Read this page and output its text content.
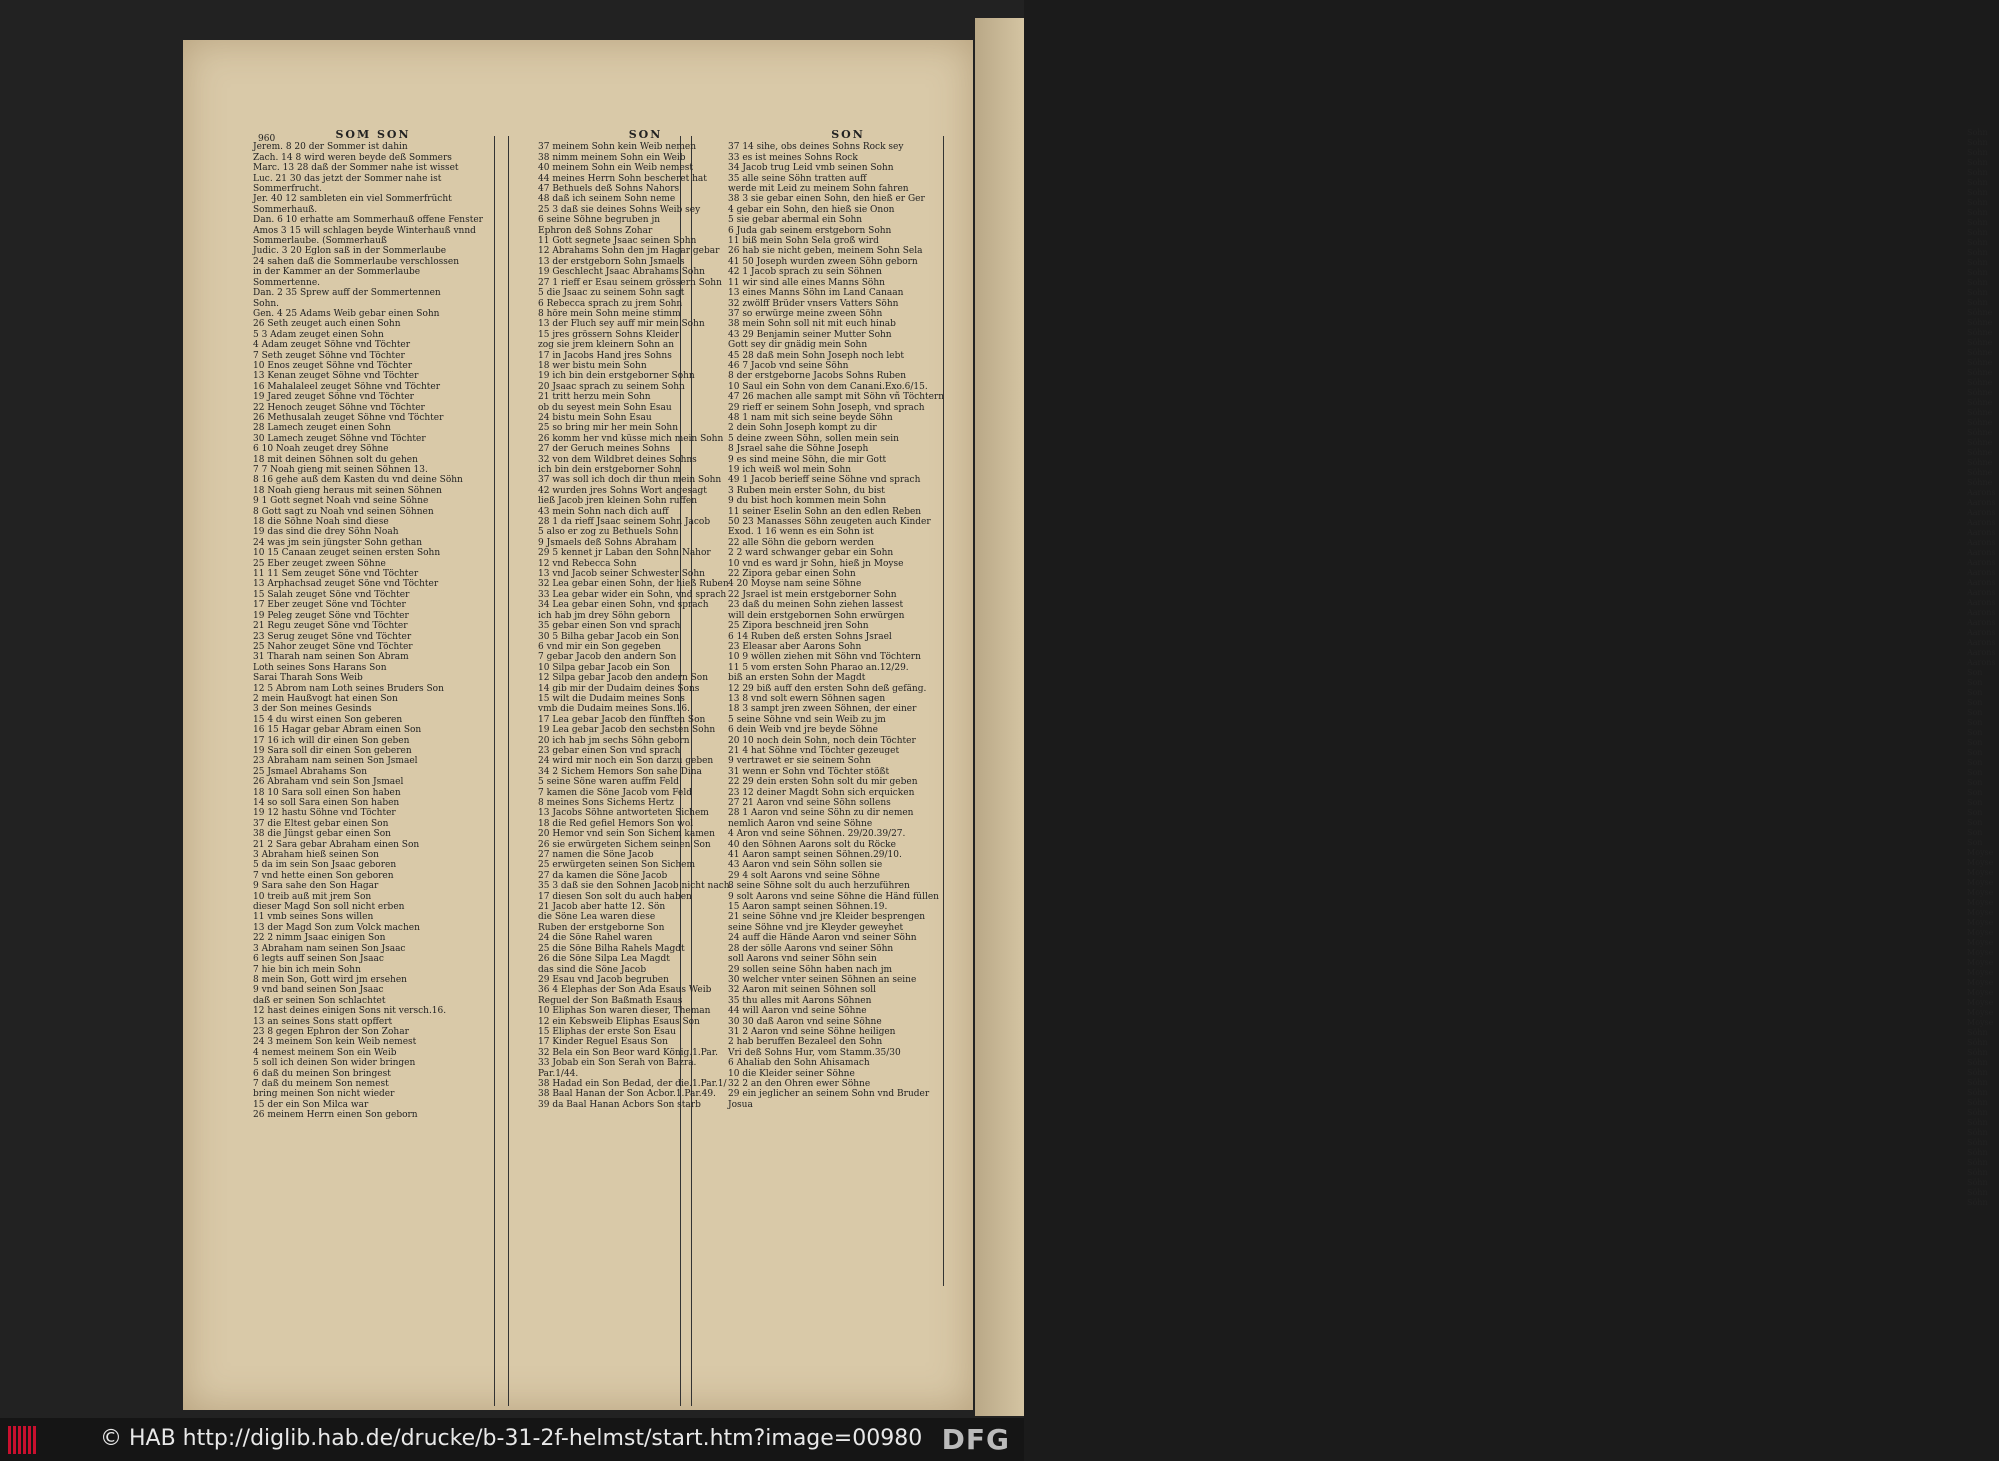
Sohn
Sohn
Sohn
Sohn
Sohn
Sohn
Sohn
Sohn
Sohn
Sohn
Sohn
Sohn
Sohn
Sohn
Sohn
Sohn
Sohn
Sohn
Söhne
Söhne
Söhne
Söhne
Söhne
Söhne
Söhne
Söhne
Söhne
Söhne
Söhne
Söhne
Söhne
Söhne
Söhne
Söhne
Söhne
Söhne
Aarons
Aarons
Aarons
Aarons
Aarons
Aarons
Aarons
Aarons
Aarons
Aarons
Aarons
Aarons
Aarons
Aarons
Aarons
Aarons
Aarons
Aarons
Son
Son
Son
Son
Son
Son
Son
Son
Son
Son
Son
Son
Son
Son
Son
Son
Son
Son
Moyse
Moyse
Moyse
Moyse
Moyse
Moyse
Moyse
Moyse
Moyse
Moyse
Moyse
Moyse
Moyse
Moyse
Moyse
Moyse
Moyse
Moyse
Söhn
Söhn
Söhn
Söhn
Söhn
Söhn
Söhn
Söhn
Söhn
Söhn
Söhn
Söhn
Söhn
Söhn
Söhn
Söhn
Söhn
Söhn
SOM SON
Jerem. 8 20 der Sommer ist dahin
Zach. 14 8 wird weren beyde deß Sommers
Marc. 13 28 daß der Sommer nahe ist wisset
Luc. 21 30 das jetzt der Sommer nahe ist
Sommerfrucht.
Jer. 40 12 sambleten ein viel Sommerfrücht
Sommerhauß.
Dan. 6 10 erhatte am Sommerhauß offene Fenster
Amos 3 15 will schlagen beyde Winterhauß vnnd
Sommerlaube. (Sommerhauß
Judic. 3 20 Eglon saß in der Sommerlaube
24 sahen daß die Sommerlaube verschlossen
in der Kammer an der Sommerlaube
Sommertenne.
Dan. 2 35 Sprew auff der Sommertennen
Sohn.
Gen. 4 25 Adams Weib gebar einen Sohn
26 Seth zeuget auch einen Sohn
5 3 Adam zeuget einen Sohn
4 Adam zeuget Söhne vnd Töchter
7 Seth zeuget Söhne vnd Töchter
10 Enos zeuget Söhne vnd Töchter
13 Kenan zeuget Söhne vnd Töchter
16 Mahalaleel zeuget Söhne vnd Töchter
19 Jared zeuget Söhne vnd Töchter
22 Henoch zeuget Söhne vnd Töchter
26 Methusalah zeuget Söhne vnd Töchter
28 Lamech zeuget einen Sohn
30 Lamech zeuget Söhne vnd Töchter
6 10 Noah zeuget drey Söhne
18 mit deinen Söhnen solt du gehen
7 7 Noah gieng mit seinen Söhnen 13.
8 16 gehe auß dem Kasten du vnd deine Söhn
18 Noah gieng heraus mit seinen Söhnen
9 1 Gott segnet Noah vnd seine Söhne
8 Gott sagt zu Noah vnd seinen Söhnen
18 die Söhne Noah sind diese
19 das sind die drey Söhn Noah
24 was jm sein jüngster Sohn gethan
10 15 Canaan zeuget seinen ersten Sohn
25 Eber zeuget zween Söhne
11 11 Sem zeuget Söne vnd Töchter
13 Arphachsad zeuget Söne vnd Töchter
15 Salah zeuget Söne vnd Töchter
17 Eber zeuget Söne vnd Töchter
19 Peleg zeuget Söne vnd Töchter
21 Regu zeuget Söne vnd Töchter
23 Serug zeuget Söne vnd Töchter
25 Nahor zeuget Söne vnd Töchter
31 Tharah nam seinen Son Abram
Loth seines Sons Harans Son
Sarai Tharah Sons Weib
12 5 Abrom nam Loth seines Bruders Son
2 mein Haußvogt hat einen Son
3 der Son meines Gesinds
15 4 du wirst einen Son geberen
16 15 Hagar gebar Abram einen Son
17 16 ich will dir einen Son geben
19 Sara soll dir einen Son geberen
23 Abraham nam seinen Son Jsmael
25 Jsmael Abrahams Son
26 Abraham vnd sein Son Jsmael
18 10 Sara soll einen Son haben
14 so soll Sara einen Son haben
19 12 hastu Söhne vnd Töchter
37 die Eltest gebar einen Son
38 die Jüngst gebar einen Son
21 2 Sara gebar Abraham einen Son
3 Abraham hieß seinen Son
5 da im sein Son Jsaac geboren
7 vnd hette einen Son geboren
9 Sara sahe den Son Hagar
10 treib auß mit jrem Son
dieser Magd Son soll nicht erben
11 vmb seines Sons willen
13 der Magd Son zum Volck machen
22 2 nimm Jsaac einigen Son
3 Abraham nam seinen Son Jsaac
6 legts auff seinen Son Jsaac
7 hie bin ich mein Sohn
8 mein Son, Gott wird jm ersehen
9 vnd band seinen Son Jsaac
daß er seinen Son schlachtet
12 hast deines einigen Sons nit versch.16.
13 an seines Sons statt opffert
23 8 gegen Ephron der Son Zohar
24 3 meinem Son kein Weib nemest
4 nemest meinem Son ein Weib
5 soll ich deinen Son wider bringen
6 daß du meinen Son bringest
7 daß du meinem Son nemest
bring meinen Son nicht wieder
15 der ein Son Milca war
26 meinem Herrn einen Son geborn
SON
37 meinem Sohn kein Weib nemen
38 nimm meinem Sohn ein Weib
40 meinem Sohn ein Weib nemest
44 meines Herrn Sohn bescheret hat
47 Bethuels deß Sohns Nahors
48 daß ich seinem Sohn neme
25 3 daß sie deines Sohns Weib sey
6 seine Söhne begruben jn
Ephron deß Sohns Zohar
11 Gott segnete Jsaac seinen Sohn
12 Abrahams Sohn den jm Hagar gebar
13 der erstgeborn Sohn Jsmaels
19 Geschlecht Jsaac Abrahams Sohn
27 1 rieff er Esau seinem grössern Sohn
5 die Jsaac zu seinem Sohn sagt
6 Rebecca sprach zu jrem Sohn
8 höre mein Sohn meine stimm
13 der Fluch sey auff mir mein Sohn
15 jres grössern Sohns Kleider
zog sie jrem kleinern Sohn an
17 in Jacobs Hand jres Sohns
18 wer bistu mein Sohn
19 ich bin dein erstgeborner Sohn
20 Jsaac sprach zu seinem Sohn
21 tritt herzu mein Sohn
ob du seyest mein Sohn Esau
24 bistu mein Sohn Esau
25 so bring mir her mein Sohn
26 komm her vnd küsse mich mein Sohn
27 der Geruch meines Sohns
32 von dem Wildbret deines Sohns
ich bin dein erstgeborner Sohn
37 was soll ich doch dir thun mein Sohn
42 wurden jres Sohns Wort angesagt
ließ Jacob jren kleinen Sohn ruffen
43 mein Sohn nach dich auff
28 1 da rieff Jsaac seinem Sohn Jacob
5 also er zog zu Bethuels Sohn
9 Jsmaels deß Sohns Abraham
29 5 kennet jr Laban den Sohn Nahor
12 vnd Rebecca Sohn
13 vnd Jacob seiner Schwester Sohn
32 Lea gebar einen Sohn, der hieß Ruben
33 Lea gebar wider ein Sohn, vnd sprach
34 Lea gebar einen Sohn, vnd sprach
ich hab jm drey Söhn geborn
35 gebar einen Son vnd sprach
30 5 Bilha gebar Jacob ein Son
6 vnd mir ein Son gegeben
7 gebar Jacob den andern Son
10 Silpa gebar Jacob ein Son
12 Silpa gebar Jacob den andern Son
14 gib mir der Dudaim deines Sons
15 wilt die Dudaim meines Sons
vmb die Dudaim meines Sons.16.
17 Lea gebar Jacob den fünfften Son
19 Lea gebar Jacob den sechsten Sohn
20 ich hab jm sechs Söhn geborn
23 gebar einen Son vnd sprach
24 wird mir noch ein Son darzu geben
34 2 Sichem Hemors Son sahe Dina
5 seine Söne waren auffm Feld
7 kamen die Söne Jacob vom Feld
8 meines Sons Sichems Hertz
13 Jacobs Söhne antworteten Sichem
18 die Red gefiel Hemors Son wol
20 Hemor vnd sein Son Sichem kamen
26 sie erwürgeten Sichem seinen Son
27 namen die Söne Jacob
25 erwürgeten seinen Son Sichem
27 da kamen die Söne Jacob
35 3 daß sie den Sohnen Jacob nicht nach.
17 diesen Son solt du auch haben
21 Jacob aber hatte 12. Sön
die Söne Lea waren diese
Ruben der erstgeborne Son
24 die Söne Rahel waren
25 die Söne Bilha Rahels Magdt
26 die Söne Silpa Lea Magdt
das sind die Söne Jacob
29 Esau vnd Jacob begruben
36 4 Elephas der Son Ada Esaus Weib
Reguel der Son Baßmath Esaus
10 Eliphas Son waren dieser, Theman
12 ein Kebsweib Eliphas Esaus Son
15 Eliphas der erste Son Esau
17 Kinder Reguel Esaus Son
32 Bela ein Son Beor ward König.1.Par.
33 Jobab ein Son Serah von Bazra.
Par.1/44.
38 Hadad ein Son Bedad, der die.1.Par.1/
38 Baal Hanan der Son Acbor.1.Par.49.
39 da Baal Hanan Acbors Son starb
SON
37 14 sihe, obs deines Sohns Rock sey
33 es ist meines Sohns Rock
34 Jacob trug Leid vmb seinen Sohn
35 alle seine Söhn tratten auff
werde mit Leid zu meinem Sohn fahren
38 3 sie gebar einen Sohn, den hieß er Ger
4 gebar ein Sohn, den hieß sie Onon
5 sie gebar abermal ein Sohn
6 Juda gab seinem erstgeborn Sohn
11 biß mein Sohn Sela groß wird
26 hab sie nicht geben, meinem Sohn Sela
41 50 Joseph wurden zween Söhn geborn
42 1 Jacob sprach zu sein Söhnen
11 wir sind alle eines Manns Söhn
13 eines Manns Söhn im Land Canaan
32 zwölff Brüder vnsers Vatters Söhn
37 so erwürge meine zween Söhn
38 mein Sohn soll nit mit euch hinab
43 29 Benjamin seiner Mutter Sohn
Gott sey dir gnädig mein Sohn
45 28 daß mein Sohn Joseph noch lebt
46 7 Jacob vnd seine Söhn
8 der erstgeborne Jacobs Sohns Ruben
10 Saul ein Sohn von dem Canani.Exo.6/15.
47 26 machen alle sampt mit Söhn vñ Töchtern
29 rieff er seinem Sohn Joseph, vnd sprach
48 1 nam mit sich seine beyde Söhn
2 dein Sohn Joseph kompt zu dir
5 deine zween Söhn, sollen mein sein
8 Jsrael sahe die Söhne Joseph
9 es sind meine Söhn, die mir Gott
19 ich weiß wol mein Sohn
49 1 Jacob berieff seine Söhne vnd sprach
3 Ruben mein erster Sohn, du bist
9 du bist hoch kommen mein Sohn
11 seiner Eselin Sohn an den edlen Reben
50 23 Manasses Söhn zeugeten auch Kinder
Exod. 1 16 wenn es ein Sohn ist
22 alle Söhn die geborn werden
2 2 ward schwanger gebar ein Sohn
10 vnd es ward jr Sohn, hieß jn Moyse
22 Zipora gebar einen Sohn
4 20 Moyse nam seine Söhne
22 Jsrael ist mein erstgeborner Sohn
23 daß du meinen Sohn ziehen lassest
will dein erstgebornen Sohn erwürgen
25 Zipora beschneid jren Sohn
6 14 Ruben deß ersten Sohns Jsrael
23 Eleasar aber Aarons Sohn
10 9 wöllen ziehen mit Söhn vnd Töchtern
11 5 vom ersten Sohn Pharao an.12/29.
biß an ersten Sohn der Magdt
12 29 biß auff den ersten Sohn deß gefäng.
13 8 vnd solt ewern Söhnen sagen
18 3 sampt jren zween Söhnen, der einer
5 seine Söhne vnd sein Weib zu jm
6 dein Weib vnd jre beyde Söhne
20 10 noch dein Sohn, noch dein Töchter
21 4 hat Söhne vnd Töchter gezeuget
9 vertrawet er sie seinem Sohn
31 wenn er Sohn vnd Töchter stößt
22 29 dein ersten Sohn solt du mir geben
23 12 deiner Magdt Sohn sich erquicken
27 21 Aaron vnd seine Söhn sollens
28 1 Aaron vnd seine Söhn zu dir nemen
nemlich Aaron vnd seine Söhne
4 Aron vnd seine Söhnen. 29/20.39/27.
40 den Söhnen Aarons solt du Röcke
41 Aaron sampt seinen Söhnen.29/10.
43 Aaron vnd sein Söhn sollen sie
29 4 solt Aarons vnd seine Söhne
8 seine Söhne solt du auch herzuführen
9 solt Aarons vnd seine Söhne die Händ füllen
15 Aaron sampt seinen Söhnen.19.
21 seine Söhne vnd jre Kleider besprengen
seine Söhne vnd jre Kleyder geweyhet
24 auff die Hände Aaron vnd seiner Söhn
28 der sölle Aarons vnd seiner Söhn
soll Aarons vnd seiner Söhn sein
29 sollen seine Söhn haben nach jm
30 welcher vnter seinen Söhnen an seine
32 Aaron mit seinen Söhnen soll
35 thu alles mit Aarons Söhnen
44 will Aaron vnd seine Söhne
30 30 daß Aaron vnd seine Söhne
31 2 Aaron vnd seine Söhne heiligen
2 hab beruffen Bezaleel den Sohn
Vri deß Sohns Hur, vom Stamm.35/30
6 Ahaliab den Sohn Ahisamach
10 die Kleider seiner Söhne
32 2 an den Ohren ewer Söhne
29 ein jeglicher an seinem Sohn vnd Bruder
Josua
960
© HAB http://diglib.hab.de/drucke/b-31-2f-helmst/start.htm?image=00980 DFG
